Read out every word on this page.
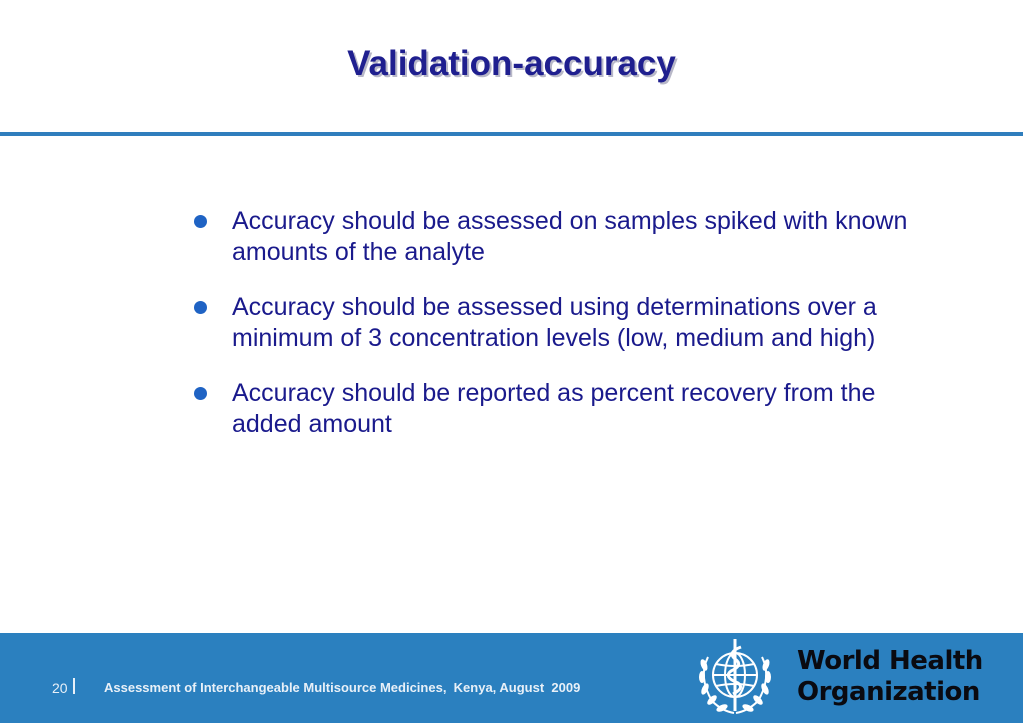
Validation-accuracy
Accuracy should be assessed on samples spiked with known amounts of the analyte
Accuracy should be assessed using determinations over a minimum of 3 concentration levels (low, medium and high)
Accuracy should be reported as percent recovery from the added amount
20	Assessment of Interchangeable Multisource Medicines,  Kenya, August  2009
World Health
Organization
